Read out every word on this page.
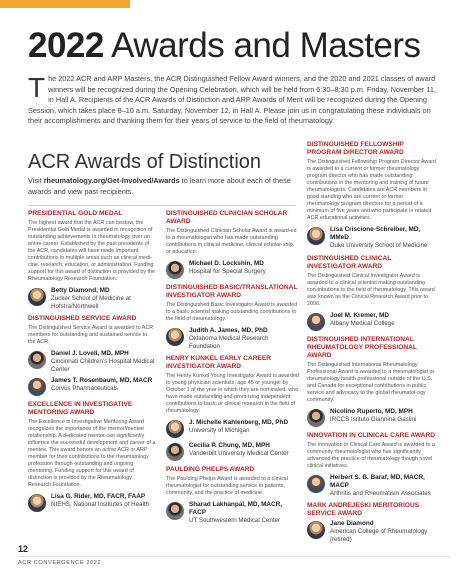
2022 Awards and Masters
The 2022 ACR and ARP Masters, the ACR Distinguished Fellow Award winners, and the 2020 and 2021 classes of award winners will be recognized during the Opening Celebration, which will be held from 6:30–8:30 p.m. Friday, November 11, in Hall A. Recipients of the ACR Awards of Distinction and ARP Awards of Merit will be recognized during the Opening Session, which takes place 8–10 a.m. Saturday, November 12, in Hall A. Please join us in congratulating these individuals on their accomplishments and thanking them for their years of service to the field of rheumatology.
ACR Awards of Distinction
Visit rheumatology.org/Get-Involved/Awards to learn more about each of these awards and view past recipients.
PRESIDENTIAL GOLD MEDAL
The highest award that the ACR can bestow, the Presidential Gold Medal is awarded in recognition of outstanding achievements in rheumatology over an entire career. Established by the past presidents of the ACR, candidates will have made important contributions in multiple areas such as clinical medi-cine, research, education, or administration. Funding support for this award of distinction is provided by the Rheumatology Research Foundation.
Betty Diamond, MD
Zucker School of Medicine at Hofstra/Northwell
DISTINGUISHED SERVICE AWARD
The Distinguished Service Award is awarded to ACR members for outstanding and sustained service to the ACR.
Daniel J. Lovell, MD, MPH
Cincinnati Children's Hospital Medical Center
James T. Rosenbaum, MD, MACR
Corvus Pharmaceuticals
EXCELLENCE IN INVESTIGATIVE MENTORING AWARD
The Excellence in Investigative Mentoring Award recognizes the importance of the mentor/mentee relationship. A dedicated mentor can significantly influence the successful development and career of a mentee. This award honors an active ACR or ARP member for their contributions to the rheumatology profession through outstanding and ongoing mentoring. Funding support for this award of distinction is provided by the Rheumatology Research Foundation.
Lisa G. Rider, MD, FACR, FAAP
NIEHS, National Institutes of Health
DISTINGUISHED CLINICIAN SCHOLAR AWARD
The Distinguished Clinician Scholar Award is award-ed to a rheumatologist who has made outstanding contributions in clinical medicine, clinical scholar-ship, or education.
Michael D. Lockshin, MD
Hospital for Special Surgery
DISTINGUISHED BASIC/TRANSLATIONAL INVESTIGATOR AWARD
The Distinguished Basic Investigator Award is awarded to a basic scientist making outstanding contributions to the field of rheumatology.
Judith A. James, MD, PhD
Oklahoma Medical Research Foundation
HENRY KUNKEL EARLY CAREER INVESTIGATOR AWARD
The Henry Kunkel Young Investigator Award is awarded to young physician scientists, age 45 or younger by October 1 of the year in which they are nominated, who have made outstanding and prom-ising independent contributions to basic or clinical research in the field of rheumatology.
J. Michelle Kahlenberg, MD, PhD
University of Michigan
Cecilia P. Chung, MD, MPH
Vanderbilt University Medical Center
PAULDING PHELPS AWARD
The Paulding Phelps Award is awarded to a clinical rheumatologist for outstanding service to patients, community, and the practice of medicine.
Sharad Lakhanpal, MD, MACR, FACP
UT Southwestern Medical Center
DISTINGUISHED FELLOWSHIP PROGRAM DIRECTOR AWARD
The Distinguished Fellowship Program Director Award is awarded to a current or former rheumatology program director who has made outstanding contributions in the mentoring and training of future rheumatologists. Candidates are ACR members in good standing who are current or former rheumatology program directors for a period of a minimum of five years and who participate in related ACR educational activities.
Lisa Criscione-Schreiber, MD, MMeD
Duke University School of Medicine
DISTINGUISHED CLINICAL INVESTIGATOR AWARD
The Distinguished Clinical Investigator Award is awarded to a clinical scientist making outstanding con-tributions to the field of rheumatology. This award was known as the Clinical Research Award prior to 2006.
Joel M. Kremer, MD
Albany Medical College
DISTINGUISHED INTERNATIONAL RHEUMATOLOGY PROFESSIONAL AWARD
The Distinguished International Rheumatology Professional Award is awarded to a rheumatologist or rheumatology health professional outside of the U.S. and Canada for exceptional contributions in public service and advocacy to the global rheumatol-ogy community.
Nicolino Ruperto, MD, MPH
IRCCS Istituto Giannina Gaslini
INNOVATION IN CLINICAL CARE AWARD
The Innovation in Clinical Care Award is awarded to a community rheumatologist who has significantly advanced the practice of rheumatology though novel clinical initiatives.
Herbert S. B. Baraf, MD, MACR, MACP
Arthritis and Rheumatism Associates
MARK ANDREJESKI MERITORIOUS SERVICE AWARD
Jane Diamond
American College of Rheumatology (retired)
12
ACR CONVERGENCE 2022
